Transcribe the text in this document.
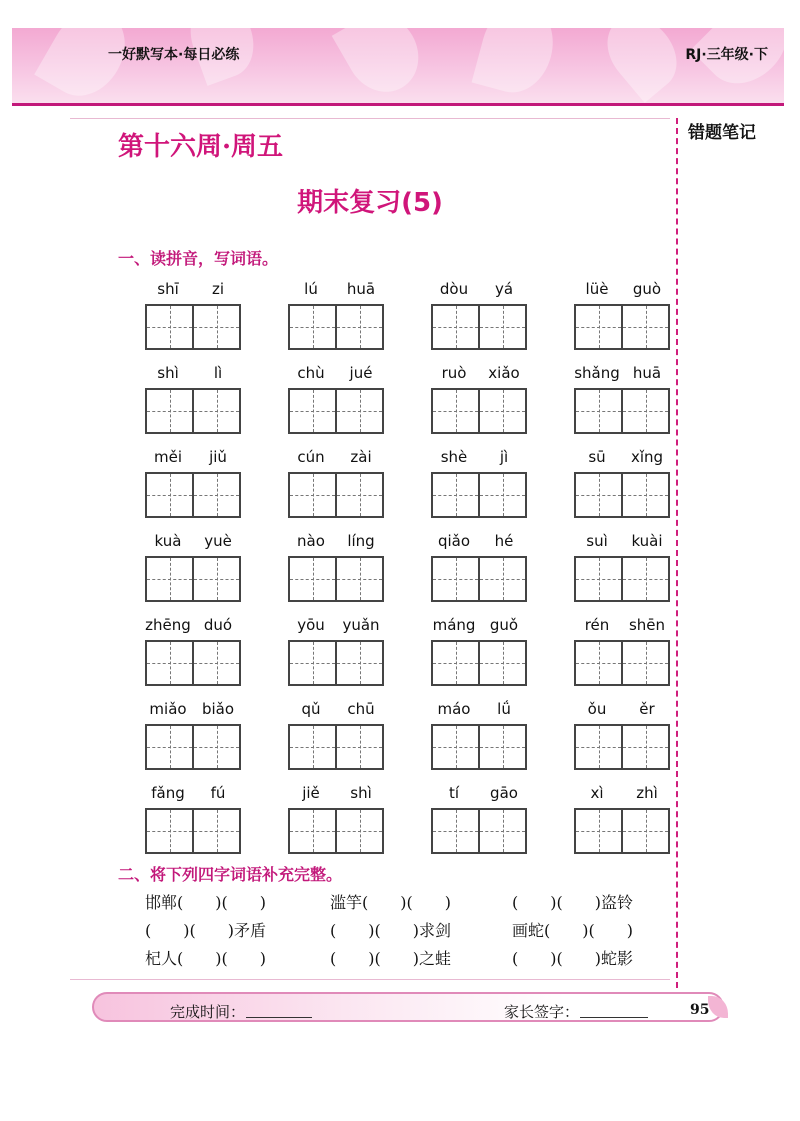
一好默写本·每日必练	RJ·三年级·下
错题笔记
第十六周·周五
期末复习(5)
一、读拼音，写词语。
shī	zi	lú	huā	dòu	yá	lüè	guò
shì	lì	chù	jué	ruò	xiǎo	shǎng huā
měi	jiǔ	cún	zài	shè	jì	sū	xǐng
kuà	yuè	nào	líng	qiǎo	hé	suì	kuài
zhēng duó	yōu	yuǎn	máng guǒ	rén	shēn
miǎo	biǎo	qǔ	chū	máo	lǘ	ǒu	ěr
fǎng	fú	jiě	shì	tí	gāo	xì	zhì
二、将下列四字词语补充完整。
邯郸(　　)(　　)	滥竽(　　)(　　)	(　　)(　　)盗铃
(　　)(　　)矛盾	(　　)(　　)求剑	画蛇(　　)(　　)
杞人(　　)(　　)	(　　)(　　)之蛙	(　　)(　　)蛇影
完成时间：	家长签字：	95
